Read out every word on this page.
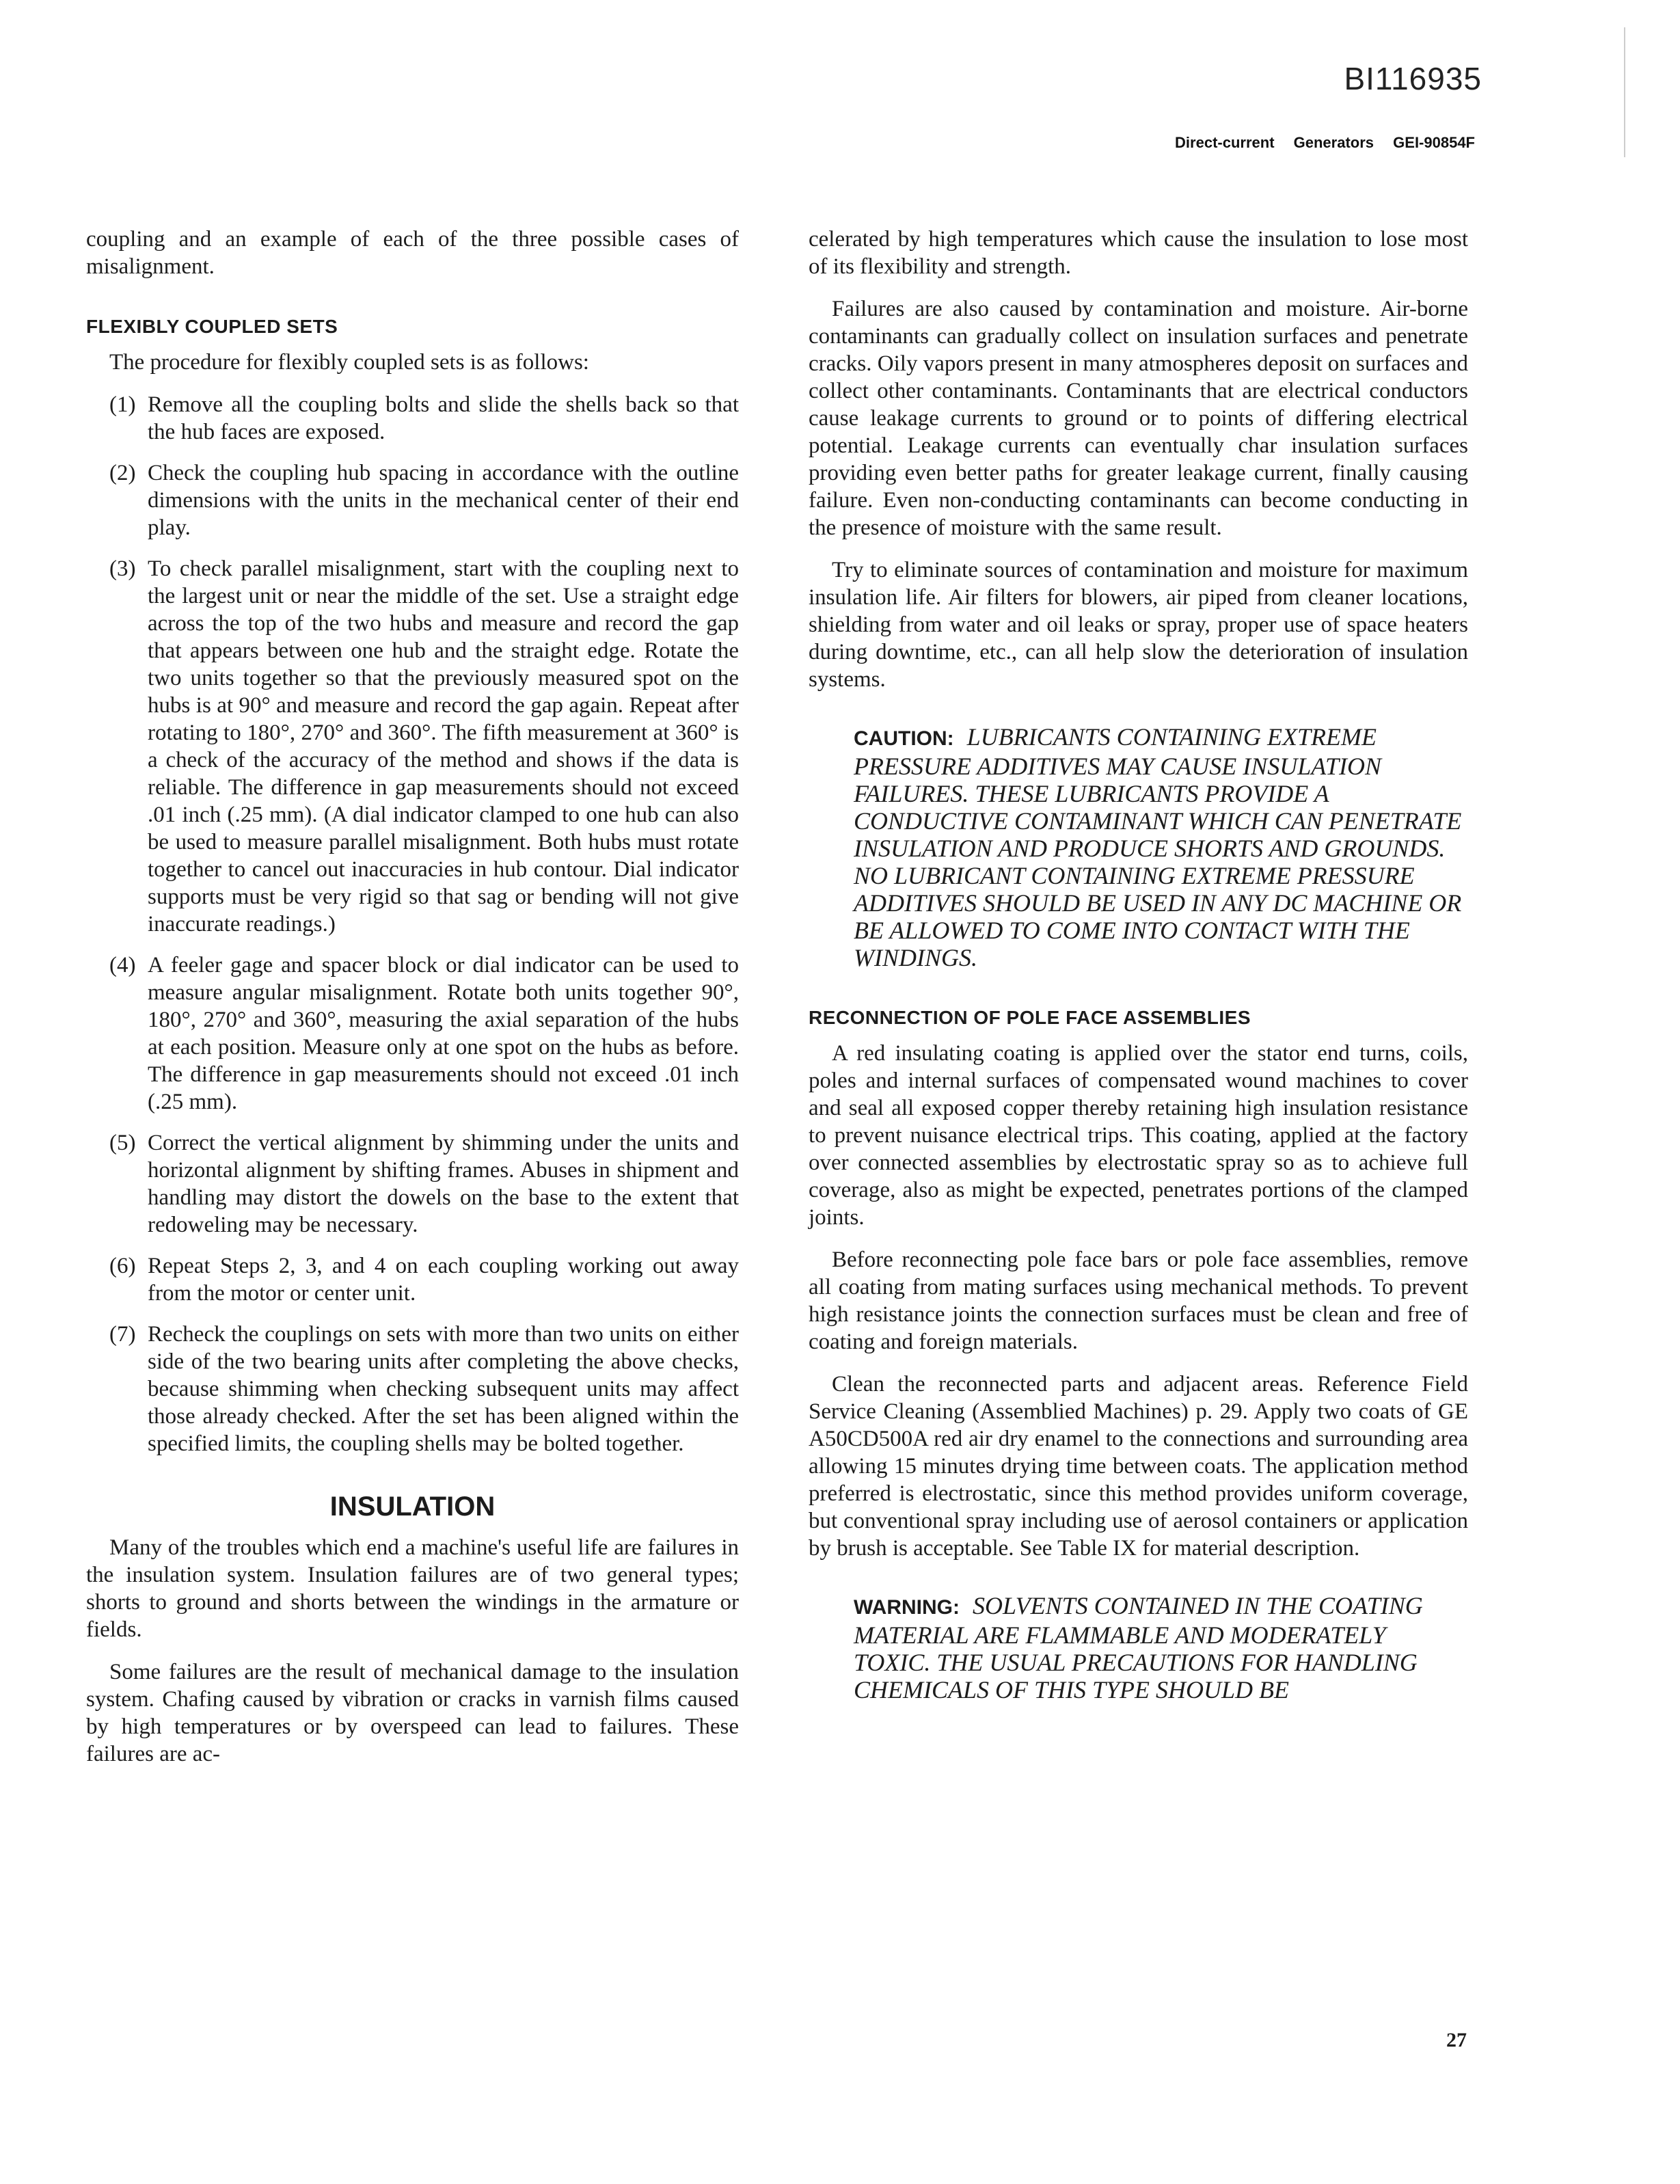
BI116935
Direct-current Generators GEI-90854F

coupling and an example of each of the three possible cases of misalignment.

FLEXIBLY COUPLED SETS

The procedure for flexibly coupled sets is as follows:

(1) Remove all the coupling bolts and slide the shells back so that the hub faces are exposed.
(2) Check the coupling hub spacing in accordance with the outline dimensions with the units in the mechanical center of their end play.
(3) To check parallel misalignment, start with the coupling next to the largest unit or near the middle of the set. Use a straight edge across the top of the two hubs and measure and record the gap that appears between one hub and the straight edge. Rotate the two units together so that the previously measured spot on the hubs is at 90° and measure and record the gap again. Repeat after rotating to 180°, 270° and 360°. The fifth measurement at 360° is a check of the accuracy of the method and shows if the data is reliable. The difference in gap measurements should not exceed .01 inch (.25 mm). (A dial indicator clamped to one hub can also be used to measure parallel misalignment. Both hubs must rotate together to cancel out inaccuracies in hub contour. Dial indicator supports must be very rigid so that sag or bending will not give inaccurate readings.)
(4) A feeler gage and spacer block or dial indicator can be used to measure angular misalignment. Rotate both units together 90°, 180°, 270° and 360°, measuring the axial separation of the hubs at each position. Measure only at one spot on the hubs as before. The difference in gap measurements should not exceed .01 inch (.25 mm).
(5) Correct the vertical alignment by shimming under the units and horizontal alignment by shifting frames. Abuses in shipment and handling may distort the dowels on the base to the extent that redoweling may be necessary.
(6) Repeat Steps 2, 3, and 4 on each coupling working out away from the motor or center unit.
(7) Recheck the couplings on sets with more than two units on either side of the two bearing units after completing the above checks, because shimming when checking subsequent units may affect those already checked. After the set has been aligned within the specified limits, the coupling shells may be bolted together.
INSULATION

Many of the troubles which end a machine's useful life are failures in the insulation system. Insulation failures are of two general types; shorts to ground and shorts between the windings in the armature or fields.

Some failures are the result of mechanical damage to the insulation system. Chafing caused by vibration or cracks in varnish films caused by high temperatures or by overspeed can lead to failures. These failures are ac-

celerated by high temperatures which cause the insulation to lose most of its flexibility and strength.

Failures are also caused by contamination and moisture. Air-borne contaminants can gradually collect on insulation surfaces and penetrate cracks. Oily vapors present in many atmospheres deposit on surfaces and collect other contaminants. Contaminants that are electrical conductors cause leakage currents to ground or to points of differing electrical potential. Leakage currents can eventually char insulation surfaces providing even better paths for greater leakage current, finally causing failure. Even non-conducting contaminants can become conducting in the presence of moisture with the same result.

Try to eliminate sources of contamination and moisture for maximum insulation life. Air filters for blowers, air piped from cleaner locations, shielding from water and oil leaks or spray, proper use of space heaters during downtime, etc., can all help slow the deterioration of insulation systems.

CAUTION: LUBRICANTS CONTAINING EXTREME PRESSURE ADDITIVES MAY CAUSE INSULATION FAILURES. THESE LUBRICANTS PROVIDE A CONDUCTIVE CONTAMINANT WHICH CAN PENETRATE INSULATION AND PRODUCE SHORTS AND GROUNDS. NO LUBRICANT CONTAINING EXTREME PRESSURE ADDITIVES SHOULD BE USED IN ANY DC MACHINE OR BE ALLOWED TO COME INTO CONTACT WITH THE WINDINGS.
RECONNECTION OF POLE FACE ASSEMBLIES

A red insulating coating is applied over the stator end turns, coils, poles and internal surfaces of compensated wound machines to cover and seal all exposed copper thereby retaining high insulation resistance to prevent nuisance electrical trips. This coating, applied at the factory over connected assemblies by electrostatic spray so as to achieve full coverage, also as might be expected, penetrates portions of the clamped joints.

Before reconnecting pole face bars or pole face assemblies, remove all coating from mating surfaces using mechanical methods. To prevent high resistance joints the connection surfaces must be clean and free of coating and foreign materials.

Clean the reconnected parts and adjacent areas. Reference Field Service Cleaning (Assemblied Machines) p. 29. Apply two coats of GE A50CD500A red air dry enamel to the connections and surrounding area allowing 15 minutes drying time between coats. The application method preferred is electrostatic, since this method provides uniform coverage, but conventional spray including use of aerosol containers or application by brush is acceptable. See Table IX for material description.

WARNING: SOLVENTS CONTAINED IN THE COATING MATERIAL ARE FLAMMABLE AND MODERATELY TOXIC. THE USUAL PRECAUTIONS FOR HANDLING CHEMICALS OF THIS TYPE SHOULD BE
27
